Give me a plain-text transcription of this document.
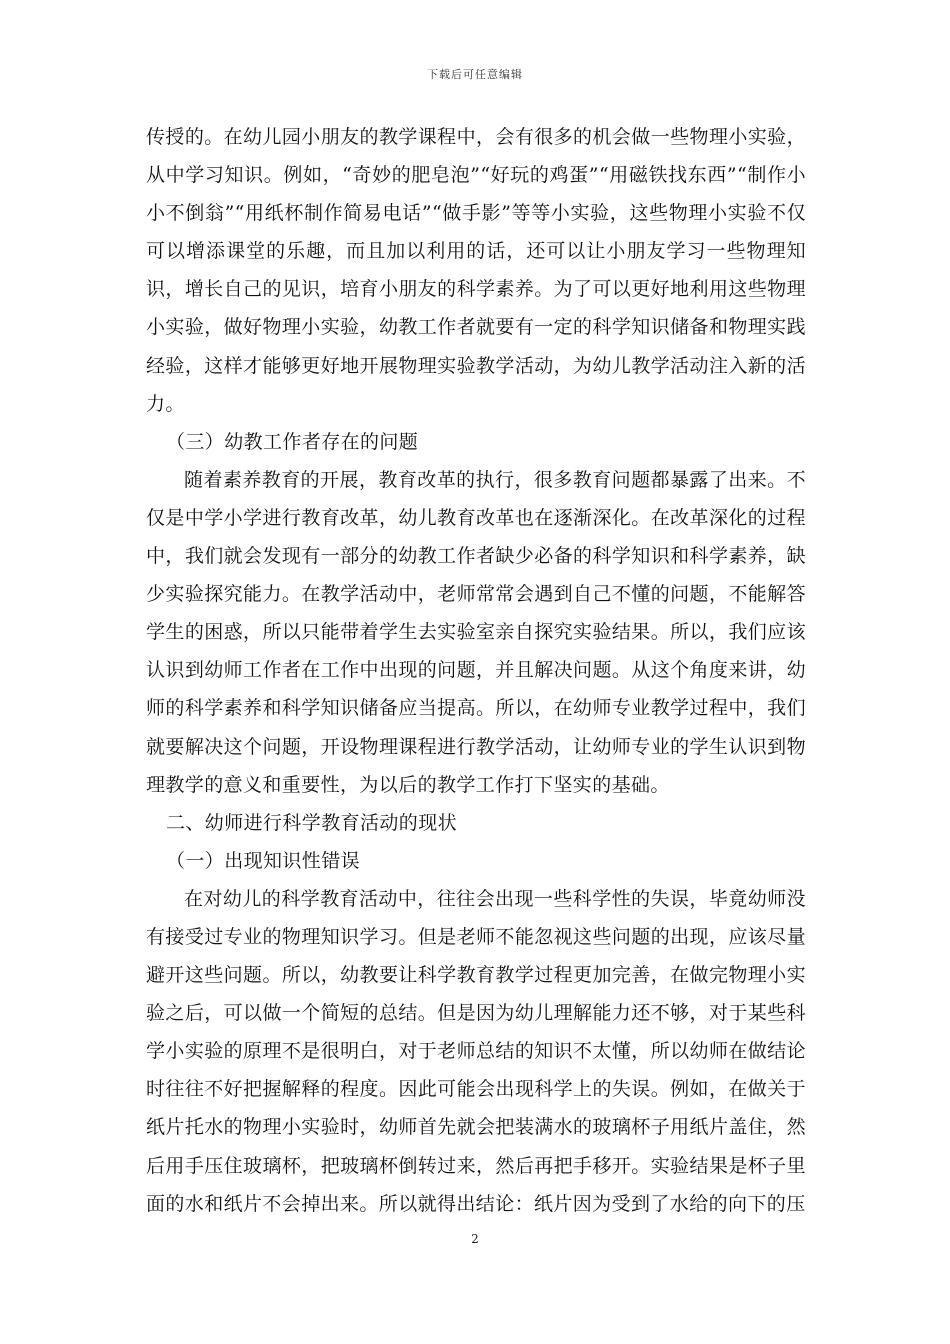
下载后可任意编辑

传授的。在幼儿园小朋友的教学课程中，会有很多的机会做一些物理小实验，从中学习知识。例如，“奇妙的肥皂泡”“好玩的鸡蛋”“用磁铁找东西”“制作小小不倒翁”“用纸杯制作简易电话”“做手影”等等小实验，这些物理小实验不仅可以增添课堂的乐趣，而且加以利用的话，还可以让小朋友学习一些物理知识，增长自己的见识，培育小朋友的科学素养。为了可以更好地利用这些物理小实验，做好物理小实验，幼教工作者就要有一定的科学知识储备和物理实践经验，这样才能够更好地开展物理实验教学活动，为幼儿教学活动注入新的活力。

（三）幼教工作者存在的问题

随着素养教育的开展，教育改革的执行，很多教育问题都暴露了出来。不仅是中学小学进行教育改革，幼儿教育改革也在逐渐深化。在改革深化的过程中，我们就会发现有一部分的幼教工作者缺少必备的科学知识和科学素养，缺少实验探究能力。在教学活动中，老师常常会遇到自己不懂的问题，不能解答学生的困惑，所以只能带着学生去实验室亲自探究实验结果。所以，我们应该认识到幼师工作者在工作中出现的问题，并且解决问题。从这个角度来讲，幼师的科学素养和科学知识储备应当提高。所以，在幼师专业教学过程中，我们就要解决这个问题，开设物理课程进行教学活动，让幼师专业的学生认识到物理教学的意义和重要性，为以后的教学工作打下坚实的基础。

二、幼师进行科学教育活动的现状

（一）出现知识性错误

在对幼儿的科学教育活动中，往往会出现一些科学性的失误，毕竟幼师没有接受过专业的物理知识学习。但是老师不能忽视这些问题的出现，应该尽量避开这些问题。所以，幼教要让科学教育教学过程更加完善，在做完物理小实验之后，可以做一个简短的总结。但是因为幼儿理解能力还不够，对于某些科学小实验的原理不是很明白，对于老师总结的知识不太懂，所以幼师在做结论时往往不好把握解释的程度。因此可能会出现科学上的失误。例如，在做关于纸片托水的物理小实验时，幼师首先就会把装满水的玻璃杯子用纸片盖住，然后用手压住玻璃杯，把玻璃杯倒转过来，然后再把手移开。实验结果是杯子里面的水和纸片不会掉出来。所以就得出结论：纸片因为受到了水给的向下的压

2
